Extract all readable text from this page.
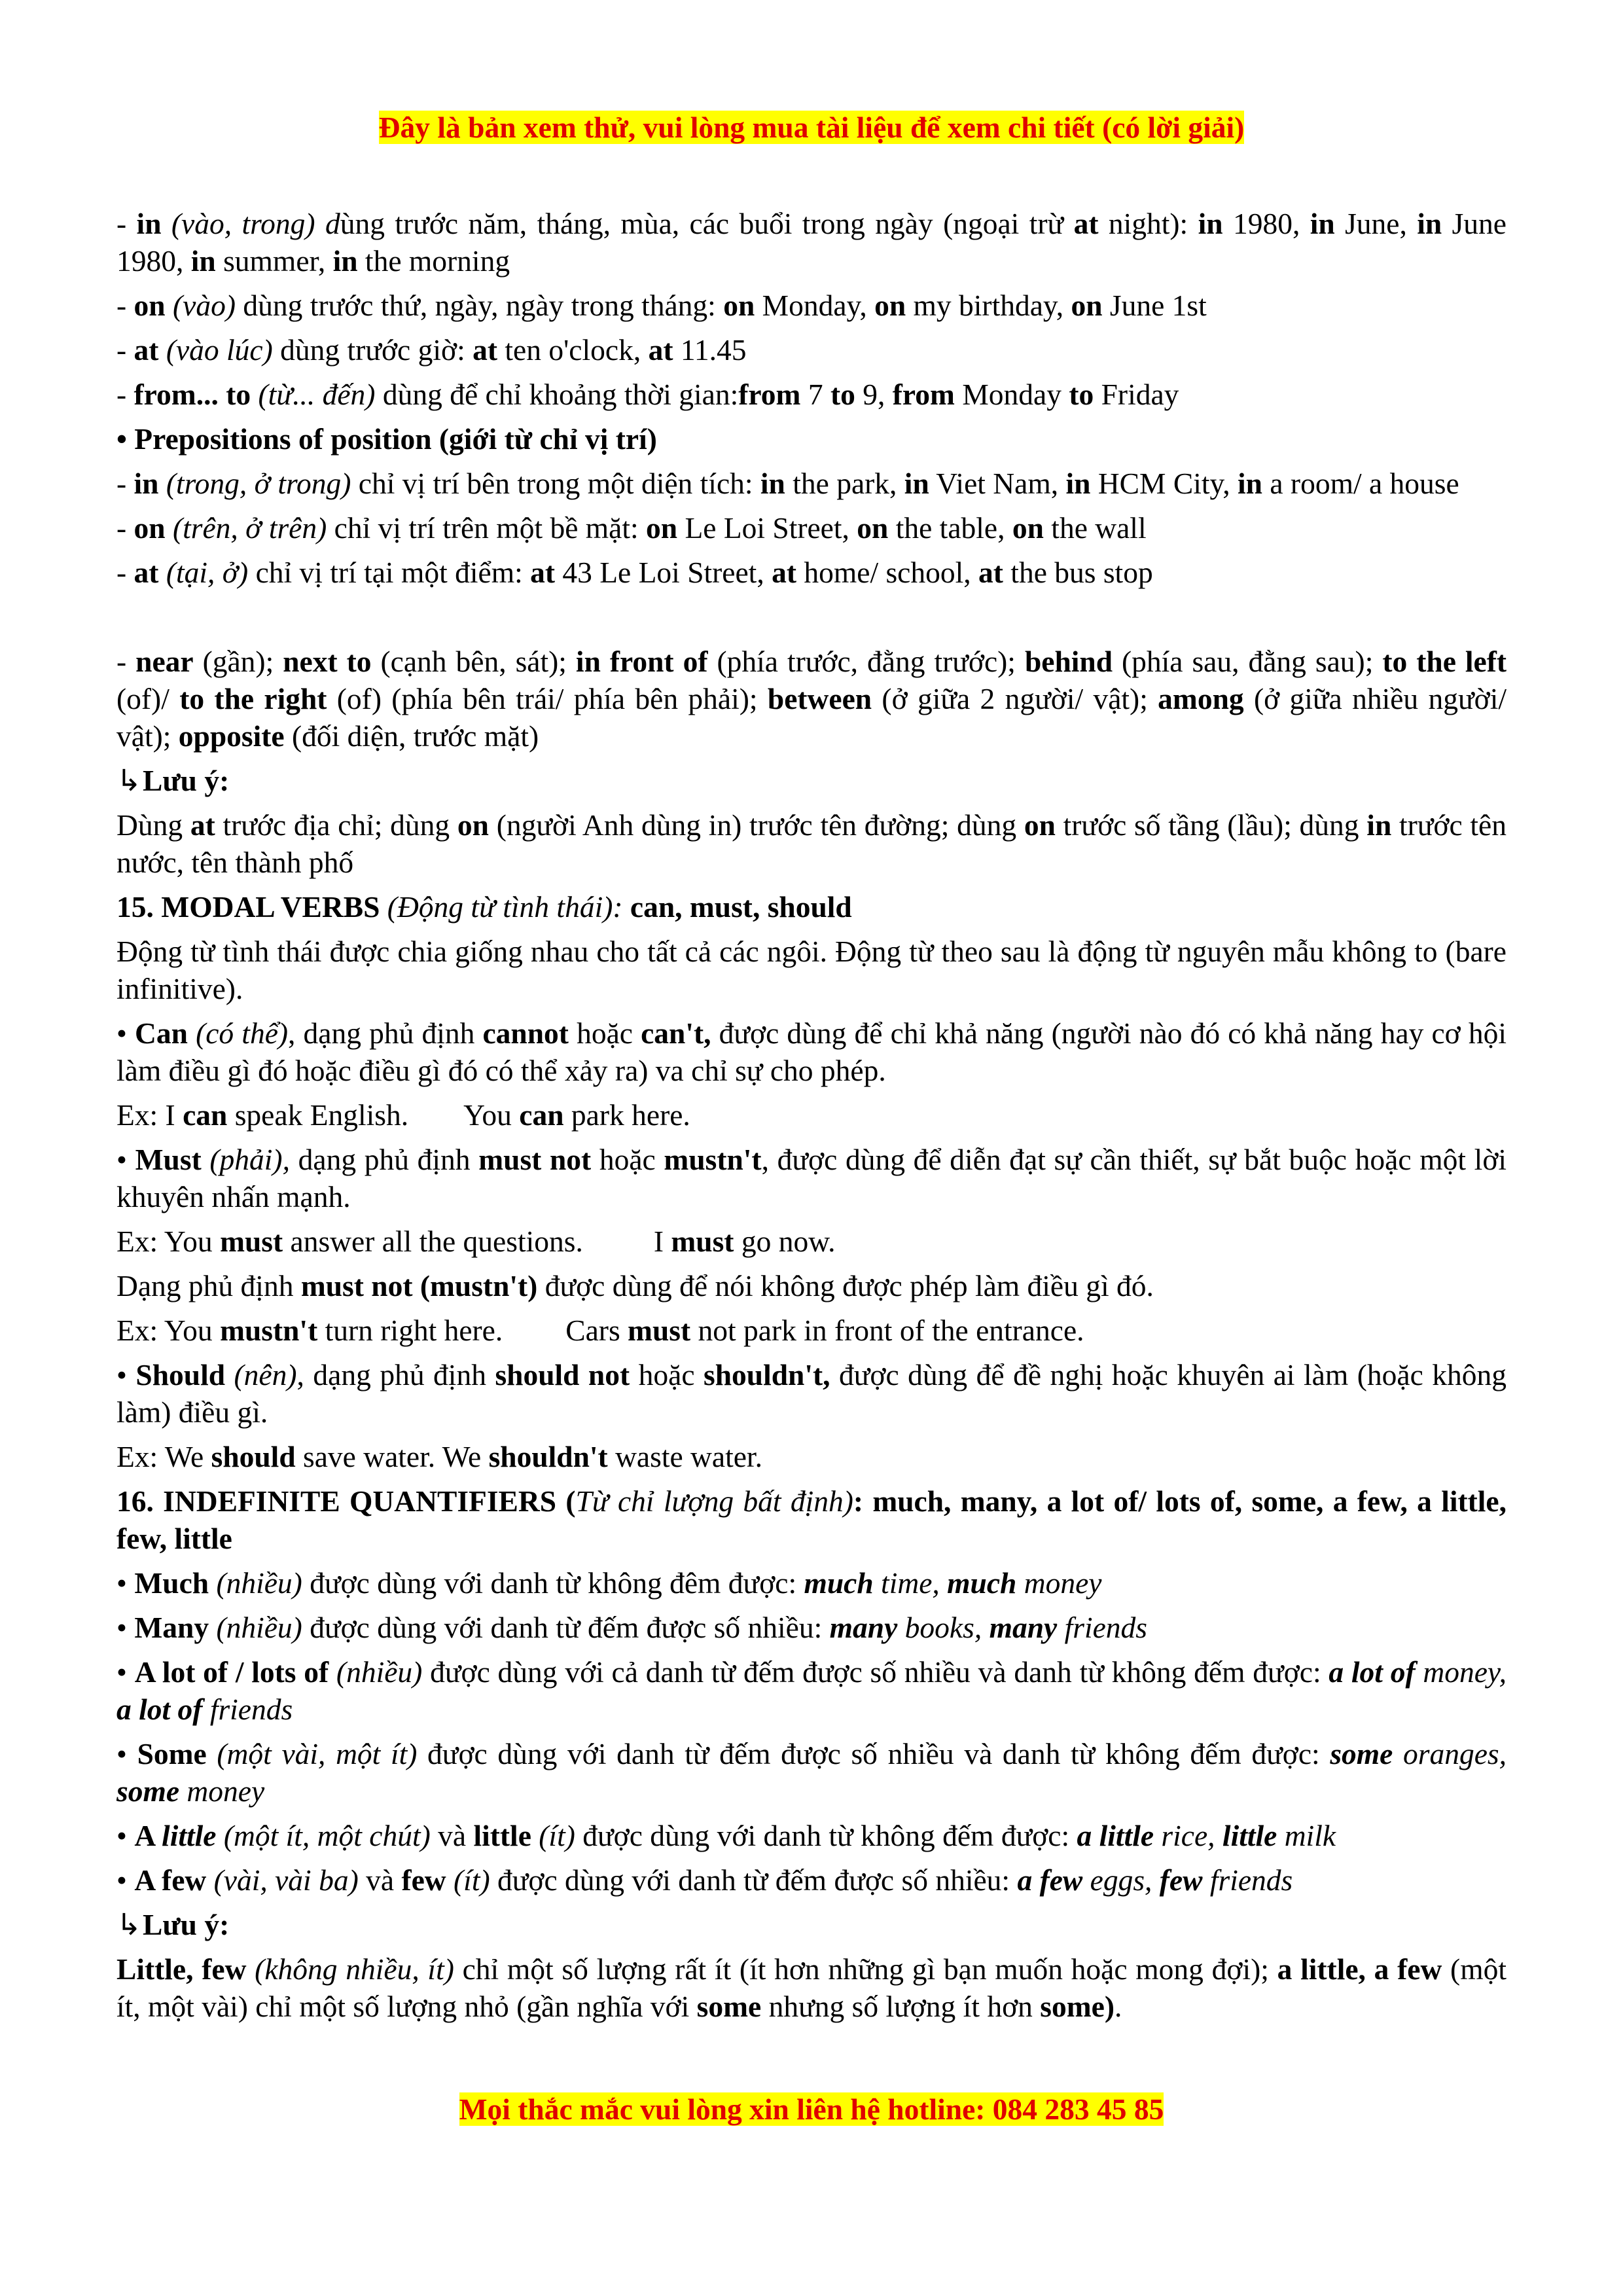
Đây là bản xem thử, vui lòng mua tài liệu để xem chi tiết (có lời giải)

- in (vào, trong) dùng trước năm, tháng, mùa, các buổi trong ngày (ngoại trừ at night): in 1980, in June, in June 1980, in summer, in the morning

- on (vào) dùng trước thứ, ngày, ngày trong tháng: on Monday, on my birthday, on June 1st

- at (vào lúc) dùng trước giờ: at ten o'clock, at 11.45

- from... to (từ... đến) dùng để chỉ khoảng thời gian:from 7 to 9, from Monday to Friday

• Prepositions of position (giới từ chỉ vị trí)

- in (trong, ở trong) chỉ vị trí bên trong một diện tích: in the park, in Viet Nam, in HCM City, in a room/ a house

- on (trên, ở trên) chỉ vị trí trên một bề mặt: on Le Loi Street, on the table, on the wall

- at (tại, ở) chỉ vị trí tại một điểm: at 43 Le Loi Street, at home/ school, at the bus stop

- near (gần); next to (cạnh bên, sát); in front of (phía trước, đằng trước); behind (phía sau, đằng sau); to the left (of)/ to the right (of) (phía bên trái/ phía bên phải); between (ở giữa 2 người/ vật); among (ở giữa nhiều người/ vật); opposite (đối diện, trước mặt)

↳Lưu ý:

Dùng at trước địa chỉ; dùng on (người Anh dùng in) trước tên đường; dùng on trước số tầng (lầu); dùng in trước tên nước, tên thành phố

15. MODAL VERBS (Động từ tình thái): can, must, should

Động từ tình thái được chia giống nhau cho tất cả các ngôi. Động từ theo sau là động từ nguyên mẫu không to (bare infinitive).

• Can (có thể), dạng phủ định cannot hoặc can't, được dùng để chỉ khả năng (người nào đó có khả năng hay cơ hội làm điều gì đó hoặc điều gì đó có thể xảy ra) va chỉ sự cho phép.

Ex: I can speak English. You can park here.

• Must (phải), dạng phủ định must not hoặc mustn't, được dùng để diễn đạt sự cần thiết, sự bắt buộc hoặc một lời khuyên nhấn mạnh.

Ex: You must answer all the questions. I must go now.

Dạng phủ định must not (mustn't) được dùng để nói không được phép làm điều gì đó.

Ex: You mustn't turn right here. Cars must not park in front of the entrance.

• Should (nên), dạng phủ định should not hoặc shouldn't, được dùng để đề nghị hoặc khuyên ai làm (hoặc không làm) điều gì.

Ex: We should save water. We shouldn't waste water.

16. INDEFINITE QUANTIFIERS (Từ chỉ lượng bất định): much, many, a lot of/ lots of, some, a few, a little, few, little

• Much (nhiều) được dùng với danh từ không đêm được: much time, much money

• Many (nhiều) được dùng với danh từ đếm được số nhiều: many books, many friends

• A lot of / lots of (nhiều) được dùng với cả danh từ đếm được số nhiều và danh từ không đếm được: a lot of money, a lot of friends

• Some (một vài, một ít) được dùng với danh từ đếm được số nhiều và danh từ không đếm được: some oranges, some money

• A little (một ít, một chút) và little (ít) được dùng với danh từ không đếm được: a little rice, little milk

• A few (vài, vài ba) và few (ít) được dùng với danh từ đếm được số nhiều: a few eggs, few friends

↳Lưu ý:

Little, few (không nhiều, ít) chỉ một số lượng rất ít (ít hơn những gì bạn muốn hoặc mong đợi); a little, a few (một ít, một vài) chỉ một số lượng nhỏ (gần nghĩa với some nhưng số lượng ít hơn some).

Mọi thắc mắc vui lòng xin liên hệ hotline: 084 283 45 85
